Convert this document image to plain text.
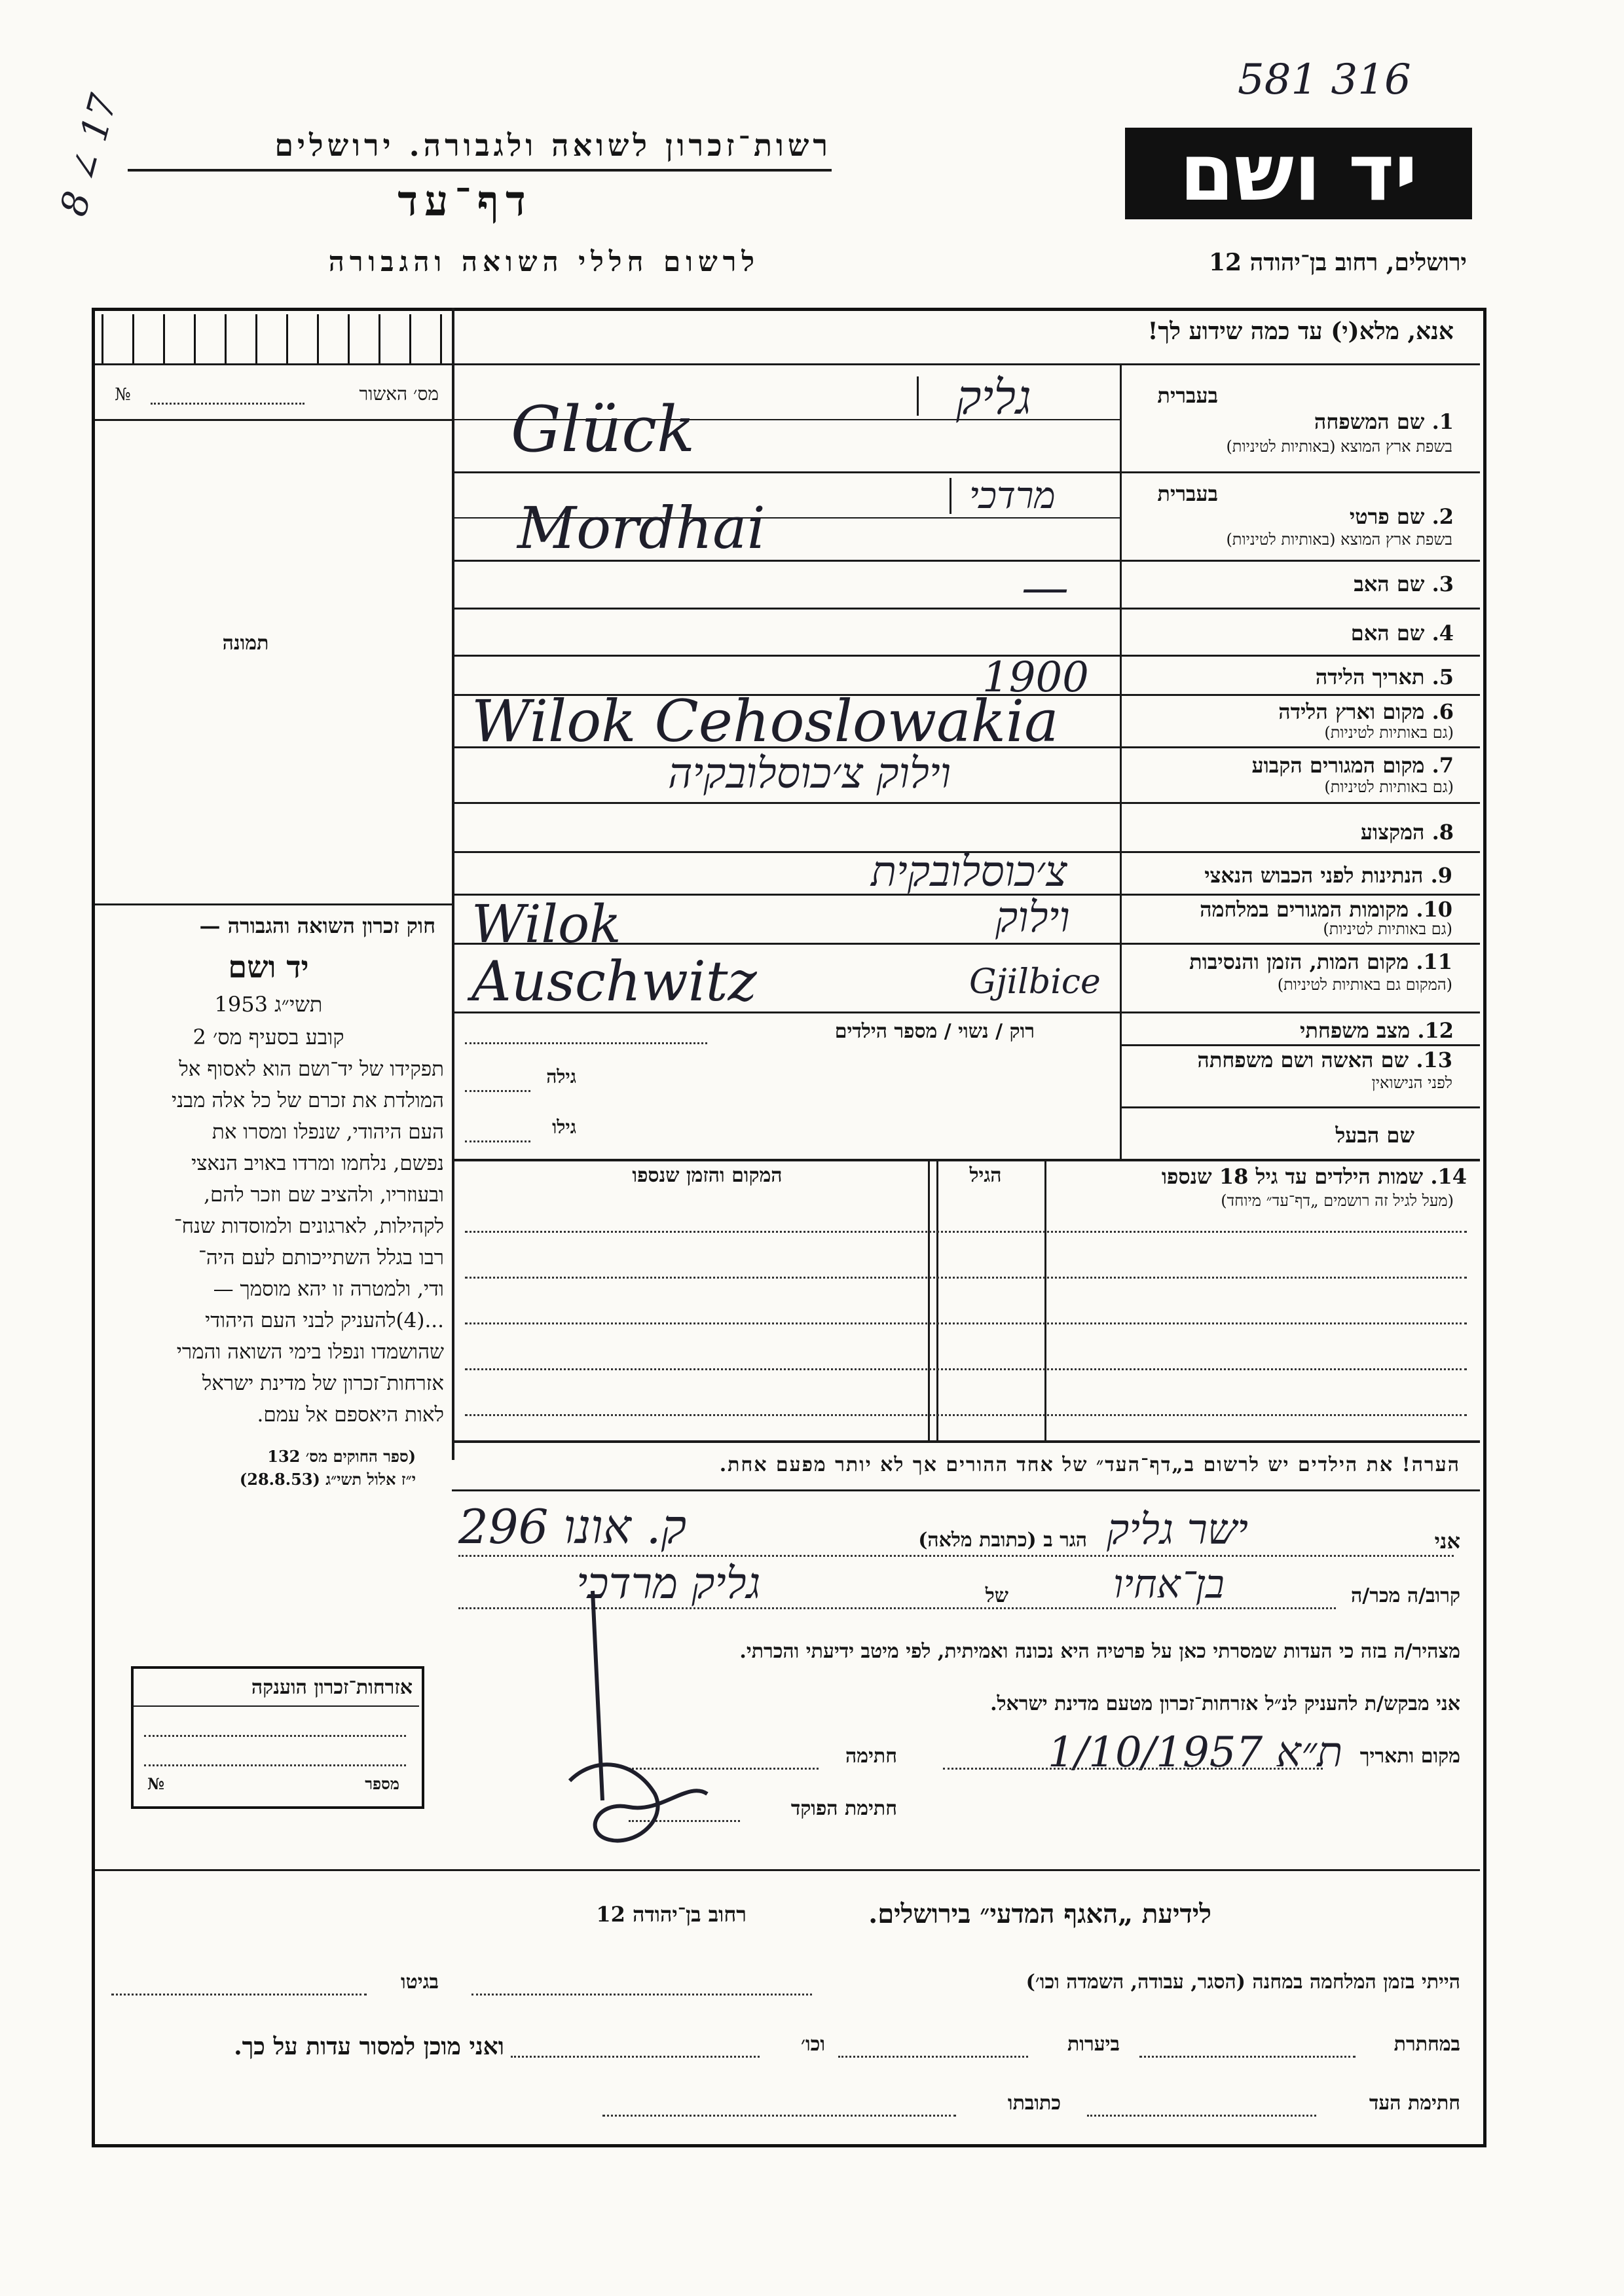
581 316
8 ∠ 17	רשות־זכרון לשואה ולגבורה. ירושלים
דף־עד
לרשום חללי השואה והגבורה
יד ושם
ירושלים, רחוב בן־יהודה 12
אנא, מלא(י) עד כמה שידוע לך!
מס׳ האשור
№
תמונה
חוק זכרון השואה והגבורה —
יד ושם
תשי״ג 1953
קובע בסעיף מס׳ 2
תפקידו של יד־ושם הוא לאסוף אל
המולדת את זכרם של כל אלה מבני
העם היהודי, שנפלו ומסרו את
נפשם, נלחמו ומרדו באויב הנאצי
ובעוזריו, ולהציב שם וזכר להם,
לקהילות, לארגונים ולמוסדות שנח־
רבו בגלל השתייכותם לעם היה־
ודי, ולמטרה זו יהא מוסמך —
...(4)להעניק לבני העם היהודי
שהושמדו ונפלו בימי השואה והמרי
אזרחות־זכרון של מדינת ישראל
לאות היאספם אל עמם.
(ספר החוקים מס׳ 132
י״ז אלול תשי״ג (28.8.53)
בעברית
1. שם המשפחה
בשפת ארץ המוצא (באותיות לטיניות)
גליק
Glück
בעברית
2. שם פרטי
בשפת ארץ המוצא (באותיות לטיניות)
מרדכי
Mordhai
3. שם האב
—
4. שם האם
5. תאריך הלידה
1900
6. מקום וארץ הלידה
(גם באותיות לטיניות)
Wilok Cehoslowakia
7. מקום המגורים הקבוע
(גם באותיות לטיניות)
וילוק צ׳כוסלובקיה
8. המקצוע
9. הנתינות לפני הכבוש הנאצי
צ׳כוסלובקית
10. מקומות המגורים במלחמה
(גם באותיות לטיניות)
וילוק
Wilok
11. מקום המות, הזמן והנסיבות
(המקום גם באותיות לטיניות)
Auschwitz	Gjilbice
12. מצב משפחתי
רוק / נשוי / מספר הילדים
13. שם האשה ושם משפחתה
לפני הנישואין
גילה
שם הבעל
גילו
14. שמות הילדים עד גיל 18 שנספו
(מעל לגיל זה רושמים „דף־עד״ מיוחד)
הגיל
המקום והזמן שנספו
הערה! את הילדים יש לרשום ב„דף־העד״ של אחד ההורים אך לא יותר מפעם אחת.
אני
ישר גליק
הגר ב (כתובת מלאה)
ק. אונו 296
קרוב/ה מכר/ה
בן־אחיו
של
גליק מרדכי
מצהיר/ה בזה כי העדות שמסרתי כאן על פרטיה היא נכונה ואמיתית, לפי מיטב ידיעתי והכרתי.
אני מבקש/ת להעניק לנ״ל אזרחות־זכרון מטעם מדינת ישראל.
מקום ותאריך
ת״א 1/10/1957
חתימה
חתימת הפוקד
אזרחות־זכרון הוענקה
מספר
№
לידיעת „האגף המדעי״ בירושלים.
רחוב בן־יהודה 12
הייתי בזמן המלחמה במחנה (הסגר, עבודה, השמדה וכו׳)
בגיטו
במחתרת
ביערות
וכו׳
ואני מוכן למסור עדות על כך.
חתימת העד
כתובתו
